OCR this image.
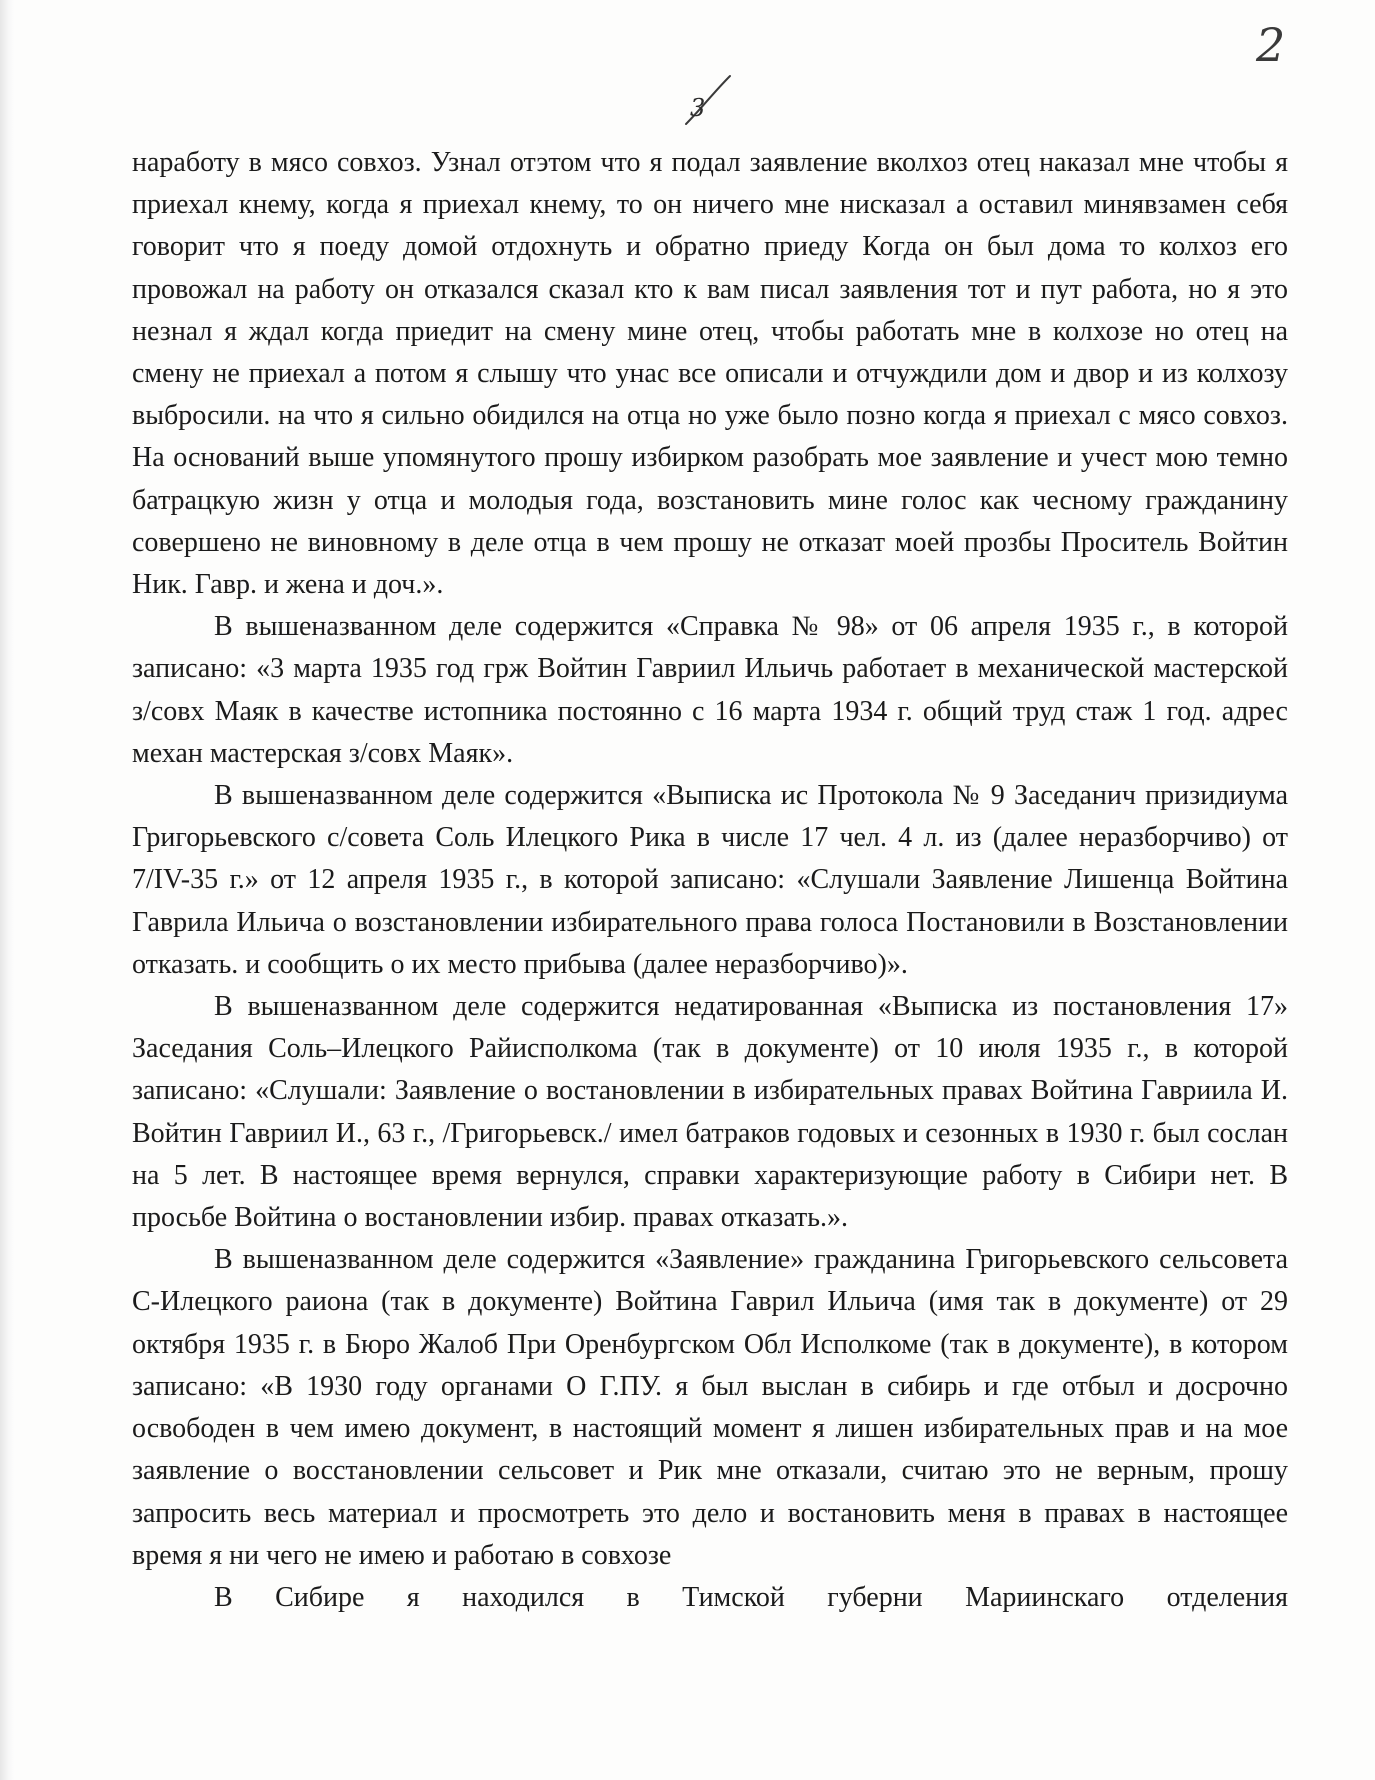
2
3

наработу в мясо совхоз. Узнал отэтом что я подал заявление вколхоз отец наказал мне чтобы я приехал кнему, когда я приехал кнему, то он ничего мне нисказал а оставил минявзамен себя говорит что я поеду домой отдохнуть и обратно приеду Когда он был дома то колхоз его провожал на работу он отказался сказал кто к вам писал заявления тот и пут работа, но я это незнал я ждал когда приедит на смену мине отец, чтобы работать мне в колхозе но отец на смену не приехал а потом я слышу что унас все описали и отчуждили дом и двор и из колхозу выбросили. на что я сильно обидился на отца но уже было позно когда я приехал с мясо совхоз. На оснований выше упомянутого прошу избирком разобрать мое заявление и учест мою темно батрацкую жизн у отца и молодыя года, возстановить мине голос как чесному гражданину совершено не виновному в деле отца в чем прошу не отказат моей прозбы Проситель Войтин Ник. Гавр. и жена и доч.».

В вышеназванном деле содержится «Справка № 98» от 06 апреля 1935 г., в которой записано: «3 марта 1935 год грж Войтин Гавриил Ильичь работает в механической мастерской з/совх Маяк в качестве истопника постоянно с 16 марта 1934 г. общий труд стаж 1 год. адрес механ мастерская з/совх Маяк».

В вышеназванном деле содержится «Выписка ис Протокола № 9 Заседанич призидиума Григорьевского с/совета Соль Илецкого Рика в числе 17 чел. 4 л. из (далее неразборчиво) от 7/IV-35 г.» от 12 апреля 1935 г., в которой записано: «Слушали Заявление Лишенца Войтина Гаврила Ильича о возстановлении избирательного права голоса Постановили в Возстановлении отказать. и сообщить о их место прибыва (далее неразборчиво)».

В вышеназванном деле содержится недатированная «Выписка из постановления 17» Заседания Соль–Илецкого Райисполкома (так в документе) от 10 июля 1935 г., в которой записано: «Слушали: Заявление о востановлении в избирательных правах Войтина Гавриила И. Войтин Гавриил И., 63 г., /Григорьевск./ имел батраков годовых и сезонных в 1930 г. был сослан на 5 лет. В настоящее время вернулся, справки характеризующие работу в Сибири нет. В просьбе Войтина о востановлении избир. правах отказать.».

В вышеназванном деле содержится «Заявление» гражданина Григорьевского сельсовета С-Илецкого раиона (так в документе) Войтина Гаврил Ильича (имя так в документе) от 29 октября 1935 г. в Бюро Жалоб При Оренбургском Обл Исполкоме (так в документе), в котором записано: «В 1930 году органами О Г.ПУ. я был выслан в сибирь и где отбыл и досрочно освободен в чем имею документ, в настоящий момент я лишен избирательных прав и на мое заявление о восстановлении сельсовет и Рик мне отказали, считаю это не верным, прошу запросить весь материал и просмотреть это дело и востановить меня в правах в настоящее время я ни чего не имею и работаю в совхозе

В Сибире я находился в Тимской губерни Мариинскаго отделения
